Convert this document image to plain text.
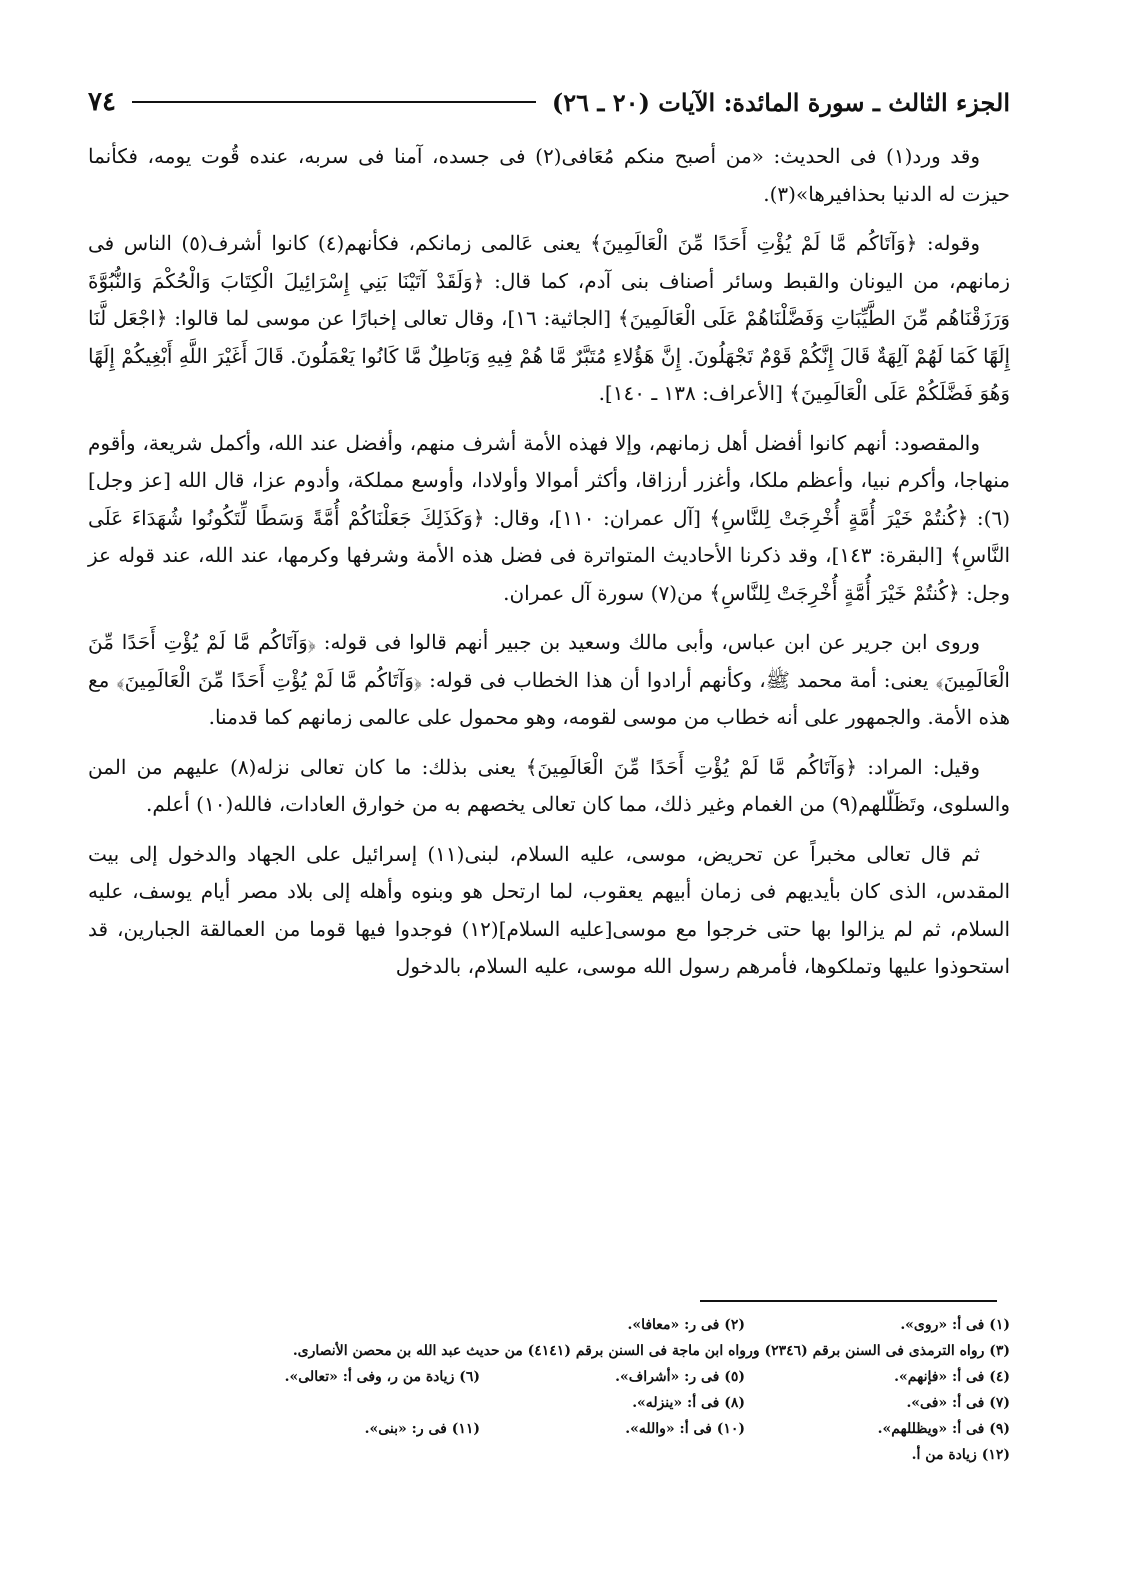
٧٤	الجزء الثالث ـ سورة المائدة: الآيات (٢٠ ـ ٢٦)

وقد ورد(١) فى الحديث: «من أصبح منكم مُعَافى(٢) فى جسده، آمنا فى سربه، عنده قُوت يومه، فكأنما حيزت له الدنيا بحذافيرها»(٣).

وقوله: ﴿وَآتَاكُم مَّا لَمْ يُؤْتِ أَحَدًا مِّنَ الْعَالَمِينَ﴾ يعنى عَالمى زمانكم، فكأنهم(٤) كانوا أشرف(٥) الناس فى زمانهم، من اليونان والقبط وسائر أصناف بنى آدم، كما قال: ﴿وَلَقَدْ آتَيْنَا بَنِي إِسْرَائِيلَ الْكِتَابَ وَالْحُكْمَ وَالنُّبُوَّةَ وَرَزَقْنَاهُم مِّنَ الطَّيِّبَاتِ وَفَضَّلْنَاهُمْ عَلَى الْعَالَمِينَ﴾ [الجاثية: ١٦]، وقال تعالى إخبارًا عن موسى لما قالوا: ﴿اجْعَل لَّنَا إِلَهًا كَمَا لَهُمْ آلِهَةٌ قَالَ إِنَّكُمْ قَوْمٌ تَجْهَلُونَ. إِنَّ هَؤُلاءِ مُتَبَّرٌ مَّا هُمْ فِيهِ وَبَاطِلٌ مَّا كَانُوا يَعْمَلُونَ. قَالَ أَغَيْرَ اللَّهِ أَبْغِيكُمْ إِلَهًا وَهُوَ فَضَّلَكُمْ عَلَى الْعَالَمِينَ﴾ [الأعراف: ١٣٨ ـ ١٤٠].

والمقصود: أنهم كانوا أفضل أهل زمانهم، وإلا فهذه الأمة أشرف منهم، وأفضل عند الله، وأكمل شريعة، وأقوم منهاجا، وأكرم نبيا، وأعظم ملكا، وأغزر أرزاقا، وأكثر أموالا وأولادا، وأوسع مملكة، وأدوم عزا، قال الله [عز وجل](٦): ﴿كُنتُمْ خَيْرَ أُمَّةٍ أُخْرِجَتْ لِلنَّاسِ﴾ [آل عمران: ١١٠]، وقال: ﴿وَكَذَلِكَ جَعَلْنَاكُمْ أُمَّةً وَسَطًا لِّتَكُونُوا شُهَدَاءَ عَلَى النَّاسِ﴾ [البقرة: ١٤٣]، وقد ذكرنا الأحاديث المتواترة فى فضل هذه الأمة وشرفها وكرمها، عند الله، عند قوله عز وجل: ﴿كُنتُمْ خَيْرَ أُمَّةٍ أُخْرِجَتْ لِلنَّاسِ﴾ من(٧) سورة آل عمران.

وروى ابن جرير عن ابن عباس، وأبى مالك وسعيد بن جبير أنهم قالوا فى قوله: ﴿وَآتَاكُم مَّا لَمْ يُؤْتِ أَحَدًا مِّنَ الْعَالَمِينَ﴾ يعنى: أمة محمد ﷺ، وكأنهم أرادوا أن هذا الخطاب فى قوله: ﴿وَآتَاكُم مَّا لَمْ يُؤْتِ أَحَدًا مِّنَ الْعَالَمِينَ﴾ مع هذه الأمة. والجمهور على أنه خطاب من موسى لقومه، وهو محمول على عالمى زمانهم كما قدمنا.

وقيل: المراد: ﴿وَآتَاكُم مَّا لَمْ يُؤْتِ أَحَدًا مِّنَ الْعَالَمِينَ﴾ يعنى بذلك: ما كان تعالى نزله(٨) عليهم من المن والسلوى، وتَظَلّلهم(٩) من الغمام وغير ذلك، مما كان تعالى يخصهم به من خوارق العادات، فالله(١٠) أعلم.

ثم قال تعالى مخبراً عن تحريض، موسى، عليه السلام، لبنى(١١) إسرائيل على الجهاد والدخول إلى بيت المقدس، الذى كان بأيديهم فى زمان أبيهم يعقوب، لما ارتحل هو وبنوه وأهله إلى بلاد مصر أيام يوسف، عليه السلام، ثم لم يزالوا بها حتى خرجوا مع موسى[عليه السلام](١٢) فوجدوا فيها قوما من العمالقة الجبارين، قد استحوذوا عليها وتملكوها، فأمرهم رسول الله موسى، عليه السلام، بالدخول

(١) فى أ: «روى».
(٢) فى ر: «معافا».
(٣) رواه الترمذى فى السنن برقم (٢٣٤٦) ورواه ابن ماجة فى السنن برقم (٤١٤١) من حديث عبد الله بن محصن الأنصارى.
(٤) فى أ: «فإنهم».
(٥) فى ر: «أشراف».
(٦) زيادة من ر، وفى أ: «تعالى».
(٧) فى أ: «فى».
(٨) فى أ: «ينزله».
(٩) فى أ: «ويظللهم».
(١٠) فى أ: «والله».
(١١) فى ر: «بنى».
(١٢) زيادة من أ.
